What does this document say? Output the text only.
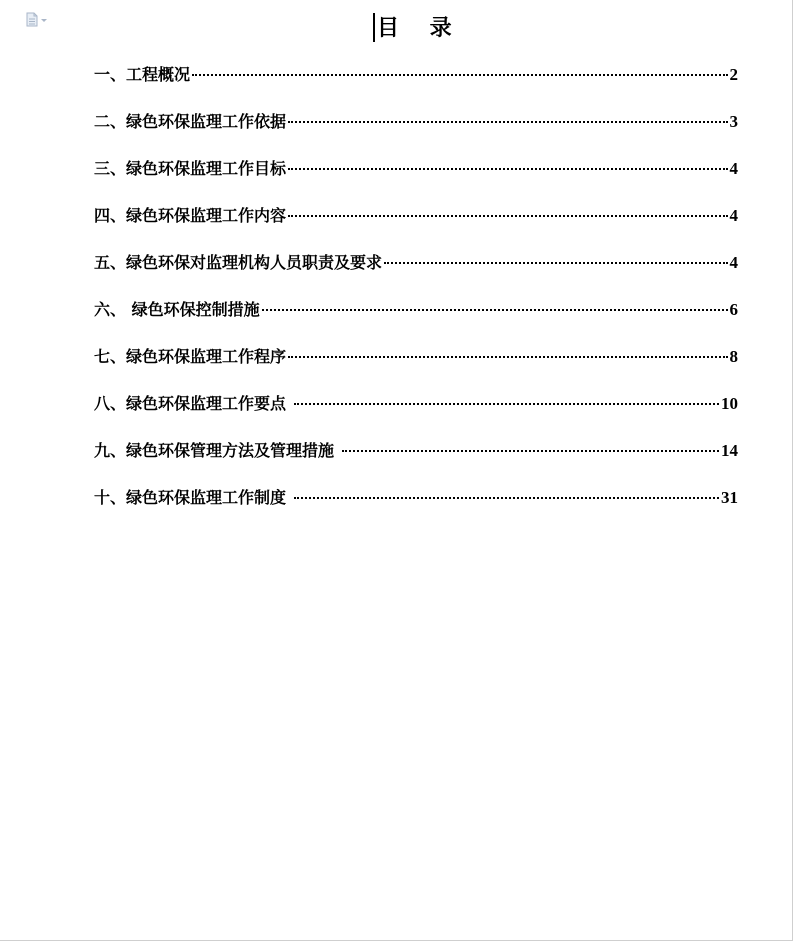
目    录
一、工程概况	2
二、绿色环保监理工作依据	3
三、绿色环保监理工作目标	4
四、绿色环保监理工作内容	4
五、绿色环保对监理机构人员职责及要求	4
六、 绿色环保控制措施	6
七、绿色环保监理工作程序	8
八、绿色环保监理工作要点	10
九、绿色环保管理方法及管理措施	14
十、绿色环保监理工作制度	31
